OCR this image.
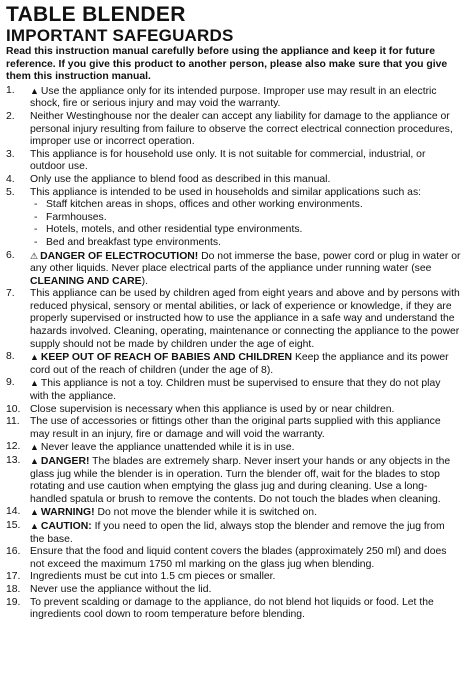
TABLE BLENDER
IMPORTANT SAFEGUARDS

Read this instruction manual carefully before using the appliance and keep it for future reference. If you give this product to another person, please also make sure that you give them this instruction manual.

1.	▲ Use the appliance only for its intended purpose. Improper use may result in an electric shock, fire or serious injury and may void the warranty.
2.	Neither Westinghouse nor the dealer can accept any liability for damage to the appliance or personal injury resulting from failure to observe the correct electrical connection procedures, improper use or incorrect operation.
3.	This appliance is for household use only. It is not suitable for commercial, industrial, or outdoor use.
4.	Only use the appliance to blend food as described in this manual.
5.	This appliance is intended to be used in households and similar applications such as:
- Staff kitchen areas in shops, offices and other working environments.
- Farmhouses.
- Hotels, motels, and other residential type environments.
- Bed and breakfast type environments.
6.	⚠ DANGER OF ELECTROCUTION! Do not immerse the base, power cord or plug in water or any other liquids. Never place electrical parts of the appliance under running water (see CLEANING AND CARE).
7.	This appliance can be used by children aged from eight years and above and by persons with reduced physical, sensory or mental abilities, or lack of experience or knowledge, if they are properly supervised or instructed how to use the appliance in a safe way and understand the hazards involved. Cleaning, operating, maintenance or connecting the appliance to the power supply should not be made by children under the age of eight.
8.	▲ KEEP OUT OF REACH OF BABIES AND CHILDREN Keep the appliance and its power cord out of the reach of children (under the age of 8).
9.	▲ This appliance is not a toy. Children must be supervised to ensure that they do not play with the appliance.
10. Close supervision is necessary when this appliance is used by or near children.
11. The use of accessories or fittings other than the original parts supplied with this appliance may result in an injury, fire or damage and will void the warranty.
12.	▲ Never leave the appliance unattended while it is in use.
13.	▲ DANGER! The blades are extremely sharp. Never insert your hands or any objects in the glass jug while the blender is in operation. Turn the blender off, wait for the blades to stop rotating and use caution when emptying the glass jug and during cleaning. Use a long-handled spatula or brush to remove the contents. Do not touch the blades when cleaning.
14.	▲ WARNING! Do not move the blender while it is switched on.
15.	▲ CAUTION: If you need to open the lid, always stop the blender and remove the jug from the base.
16. Ensure that the food and liquid content covers the blades (approximately 250 ml) and does not exceed the maximum 1750 ml marking on the glass jug when blending.
17. Ingredients must be cut into 1.5 cm pieces or smaller.
18. Never use the appliance without the lid.
19. To prevent scalding or damage to the appliance, do not blend hot liquids or food. Let the ingredients cool down to room temperature before blending.
